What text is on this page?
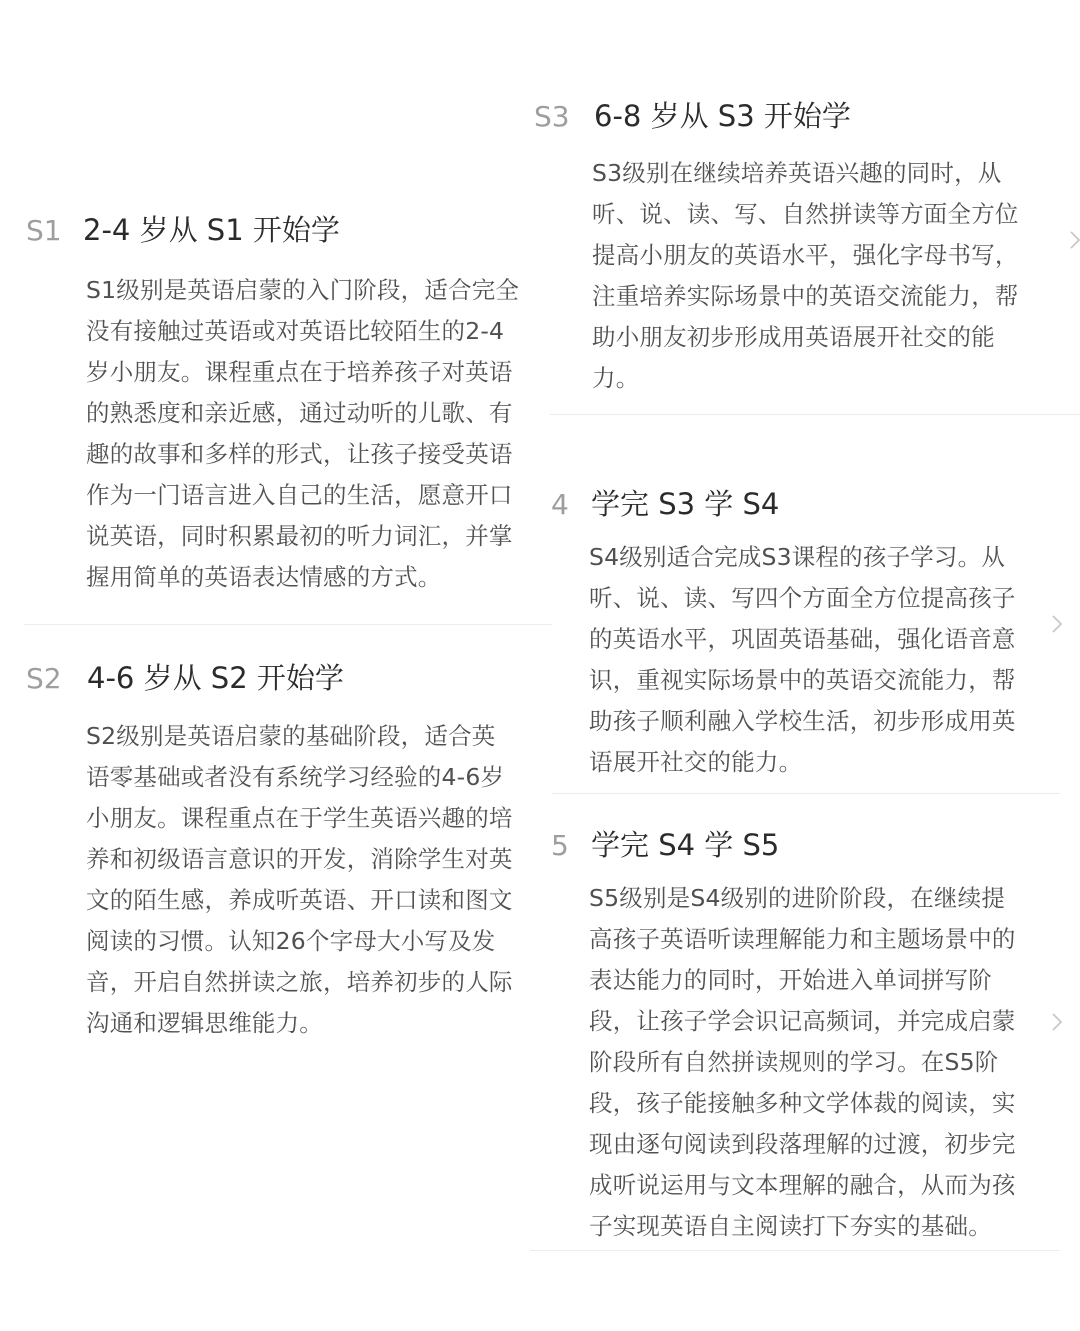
S1 2-4 岁从 S1 开始学

S1级别是英语启蒙的入门阶段，适合完全
没有接触过英语或对英语比较陌生的2-4
岁小朋友。课程重点在于培养孩子对英语
的熟悉度和亲近感，通过动听的儿歌、有
趣的故事和多样的形式，让孩子接受英语
作为一门语言进入自己的生活，愿意开口
说英语，同时积累最初的听力词汇，并掌
握用简单的英语表达情感的方式。

S2 4-6 岁从 S2 开始学

S2级别是英语启蒙的基础阶段，适合英
语零基础或者没有系统学习经验的4-6岁
小朋友。课程重点在于学生英语兴趣的培
养和初级语言意识的开发，消除学生对英
文的陌生感，养成听英语、开口读和图文
阅读的习惯。认知26个字母大小写及发
音，开启自然拼读之旅，培养初步的人际
沟通和逻辑思维能力。

S3 6-8 岁从 S3 开始学

S3级别在继续培养英语兴趣的同时，从
听、说、读、写、自然拼读等方面全方位
提高小朋友的英语水平，强化字母书写，
注重培养实际场景中的英语交流能力，帮
助小朋友初步形成用英语展开社交的能
力。

4 学完 S3 学 S4

S4级别适合完成S3课程的孩子学习。从
听、说、读、写四个方面全方位提高孩子
的英语水平，巩固英语基础，强化语音意
识，重视实际场景中的英语交流能力，帮
助孩子顺利融入学校生活，初步形成用英
语展开社交的能力。

5 学完 S4 学 S5

S5级别是S4级别的进阶阶段，在继续提
高孩子英语听读理解能力和主题场景中的
表达能力的同时，开始进入单词拼写阶
段，让孩子学会识记高频词，并完成启蒙
阶段所有自然拼读规则的学习。在S5阶
段，孩子能接触多种文学体裁的阅读，实
现由逐句阅读到段落理解的过渡，初步完
成听说运用与文本理解的融合，从而为孩
子实现英语自主阅读打下夯实的基础。
